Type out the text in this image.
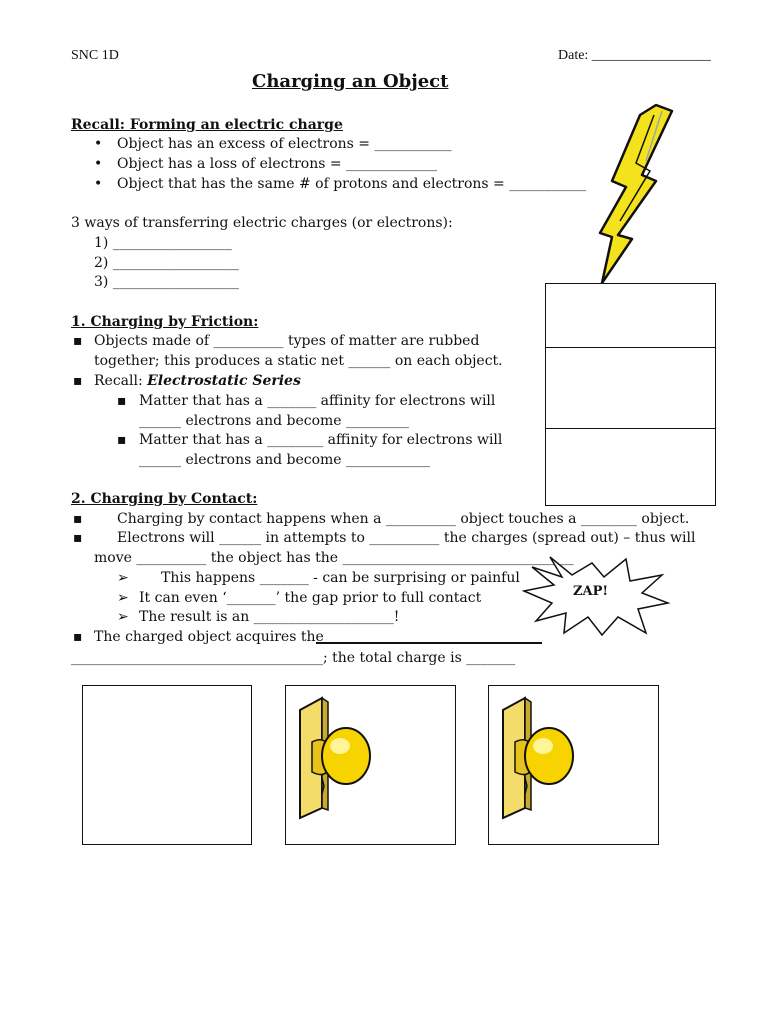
SNC 1D	Date: _________________
Charging an Object
Recall: Forming an electric charge
• Object has an excess of electrons = ___________
• Object has a loss of electrons = _____________
• Object that has the same # of protons and electrons = ___________
3 ways of transferring electric charges (or electrons):
1) _________________
2) __________________
3) __________________
1. Charging by Friction:
▪ Objects made of __________ types of matter are rubbed
together; this produces a static net ______ on each object.
▪ Recall: Electrostatic Series
▪ Matter that has a _______ affinity for electrons will
______ electrons and become _________
▪ Matter that has a ________ affinity for electrons will
______ electrons and become ____________
2. Charging by Contact:
▪ Charging by contact happens when a __________ object touches a ________ object.
▪ Electrons will ______ in attempts to __________ the charges (spread out) – thus will
move __________ the object has the _________________________________
➢ This happens _______ - can be surprising or painful
➢ It can even ‘_______’ the gap prior to full contact
➢ The result is an ____________________!
▪ The charged object acquires the
____________________________________; the total charge is _______
ZAP!
